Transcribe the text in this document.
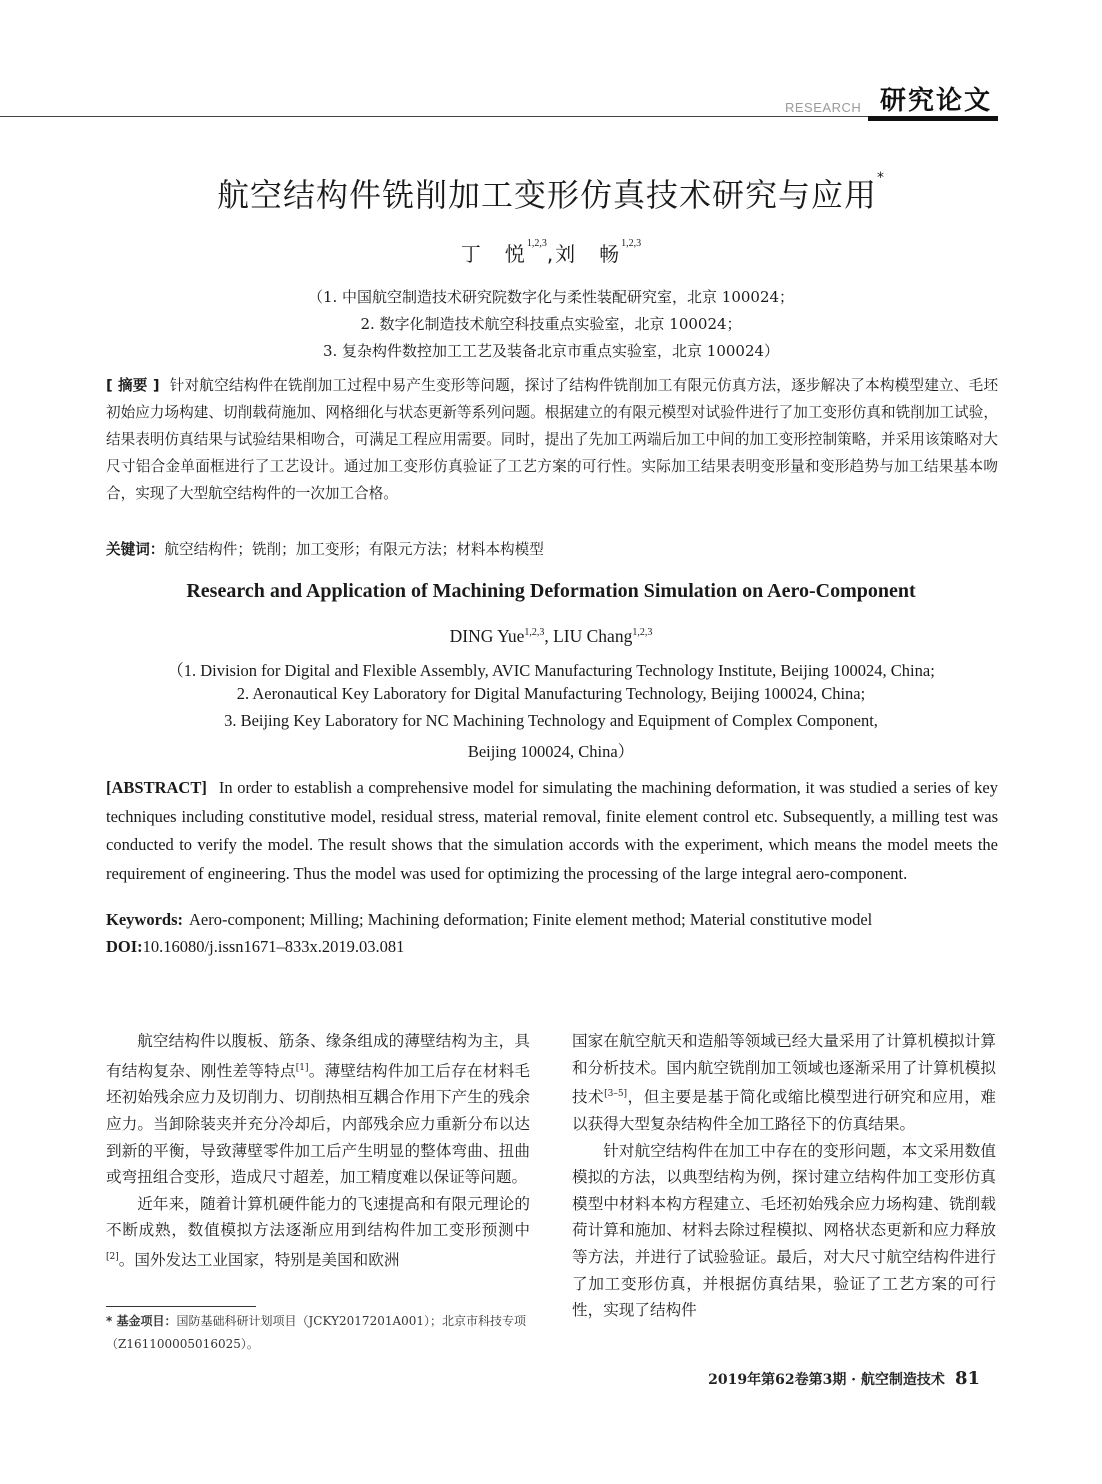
RESEARCH 研究论文
航空结构件铣削加工变形仿真技术研究与应用*
丁　悦$^{1,2,3}$,刘　畅$^{1,2,3}$
（1. 中国航空制造技术研究院数字化与柔性装配研究室，北京 100024；
2. 数字化制造技术航空科技重点实验室，北京 100024；
3. 复杂构件数控加工工艺及装备北京市重点实验室，北京 100024）
[ 摘要 ] 针对航空结构件在铣削加工过程中易产生变形等问题，探讨了结构件铣削加工有限元仿真方法，逐步解决了本构模型建立、毛坯初始应力场构建、切削载荷施加、网格细化与状态更新等系列问题。根据建立的有限元模型对试验件进行了加工变形仿真和铣削加工试验，结果表明仿真结果与试验结果相吻合，可满足工程应用需要。同时，提出了先加工两端后加工中间的加工变形控制策略，并采用该策略对大尺寸铝合金单面框进行了工艺设计。通过加工变形仿真验证了工艺方案的可行性。实际加工结果表明变形量和变形趋势与加工结果基本吻合，实现了大型航空结构件的一次加工合格。
关键词：航空结构件；铣削；加工变形；有限元方法；材料本构模型
Research and Application of Machining Deformation Simulation on Aero-Component
DING Yue$^{1,2,3}$, LIU Chang$^{1,2,3}$
（1. Division for Digital and Flexible Assembly, AVIC Manufacturing Technology Institute, Beijing 100024, China;
2. Aeronautical Key Laboratory for Digital Manufacturing Technology, Beijing 100024, China;
3. Beijing Key Laboratory for NC Machining Technology and Equipment of Complex Component,
Beijing 100024, China）
[ABSTRACT] In order to establish a comprehensive model for simulating the machining deformation, it was studied a series of key techniques including constitutive model, residual stress, material removal, finite element control etc. Subsequently, a milling test was conducted to verify the model. The result shows that the simulation accords with the experiment, which means the model meets the requirement of engineering. Thus the model was used for optimizing the processing of the large integral aero-component.
Keywords: Aero-component; Milling; Machining deformation; Finite element method; Material constitutive model
DOI:10.16080/j.issn1671–833x.2019.03.081

航空结构件以腹板、筋条、缘条组成的薄壁结构为主，具有结构复杂、刚性差等特点[1]。薄壁结构件加工后存在材料毛坯初始残余应力及切削力、切削热相互耦合作用下产生的残余应力。当卸除装夹并充分冷却后，内部残余应力重新分布以达到新的平衡，导致薄壁零件加工后产生明显的整体弯曲、扭曲或弯扭组合变形，造成尺寸超差，加工精度难以保证等问题。

近年来，随着计算机硬件能力的飞速提高和有限元理论的不断成熟，数值模拟方法逐渐应用到结构件加工变形预测中[2]。国外发达工业国家，特别是美国和欧洲

国家在航空航天和造船等领域已经大量采用了计算机模拟计算和分析技术。国内航空铣削加工领域也逐渐采用了计算机模拟技术[3–5]，但主要是基于简化或缩比模型进行研究和应用，难以获得大型复杂结构件全加工路径下的仿真结果。

针对航空结构件在加工中存在的变形问题，本文采用数值模拟的方法，以典型结构为例，探讨建立结构件加工变形仿真模型中材料本构方程建立、毛坯初始残余应力场构建、铣削载荷计算和施加、材料去除过程模拟、网格状态更新和应力释放等方法，并进行了试验验证。最后，对大尺寸航空结构件进行了加工变形仿真，并根据仿真结果，验证了工艺方案的可行性，实现了结构件

* 基金项目：国防基础科研计划项目（JCKY2017201A001）；北京市科技专项（Z161100005016025）。
2019年第62卷第3期 · 航空制造技术 81
